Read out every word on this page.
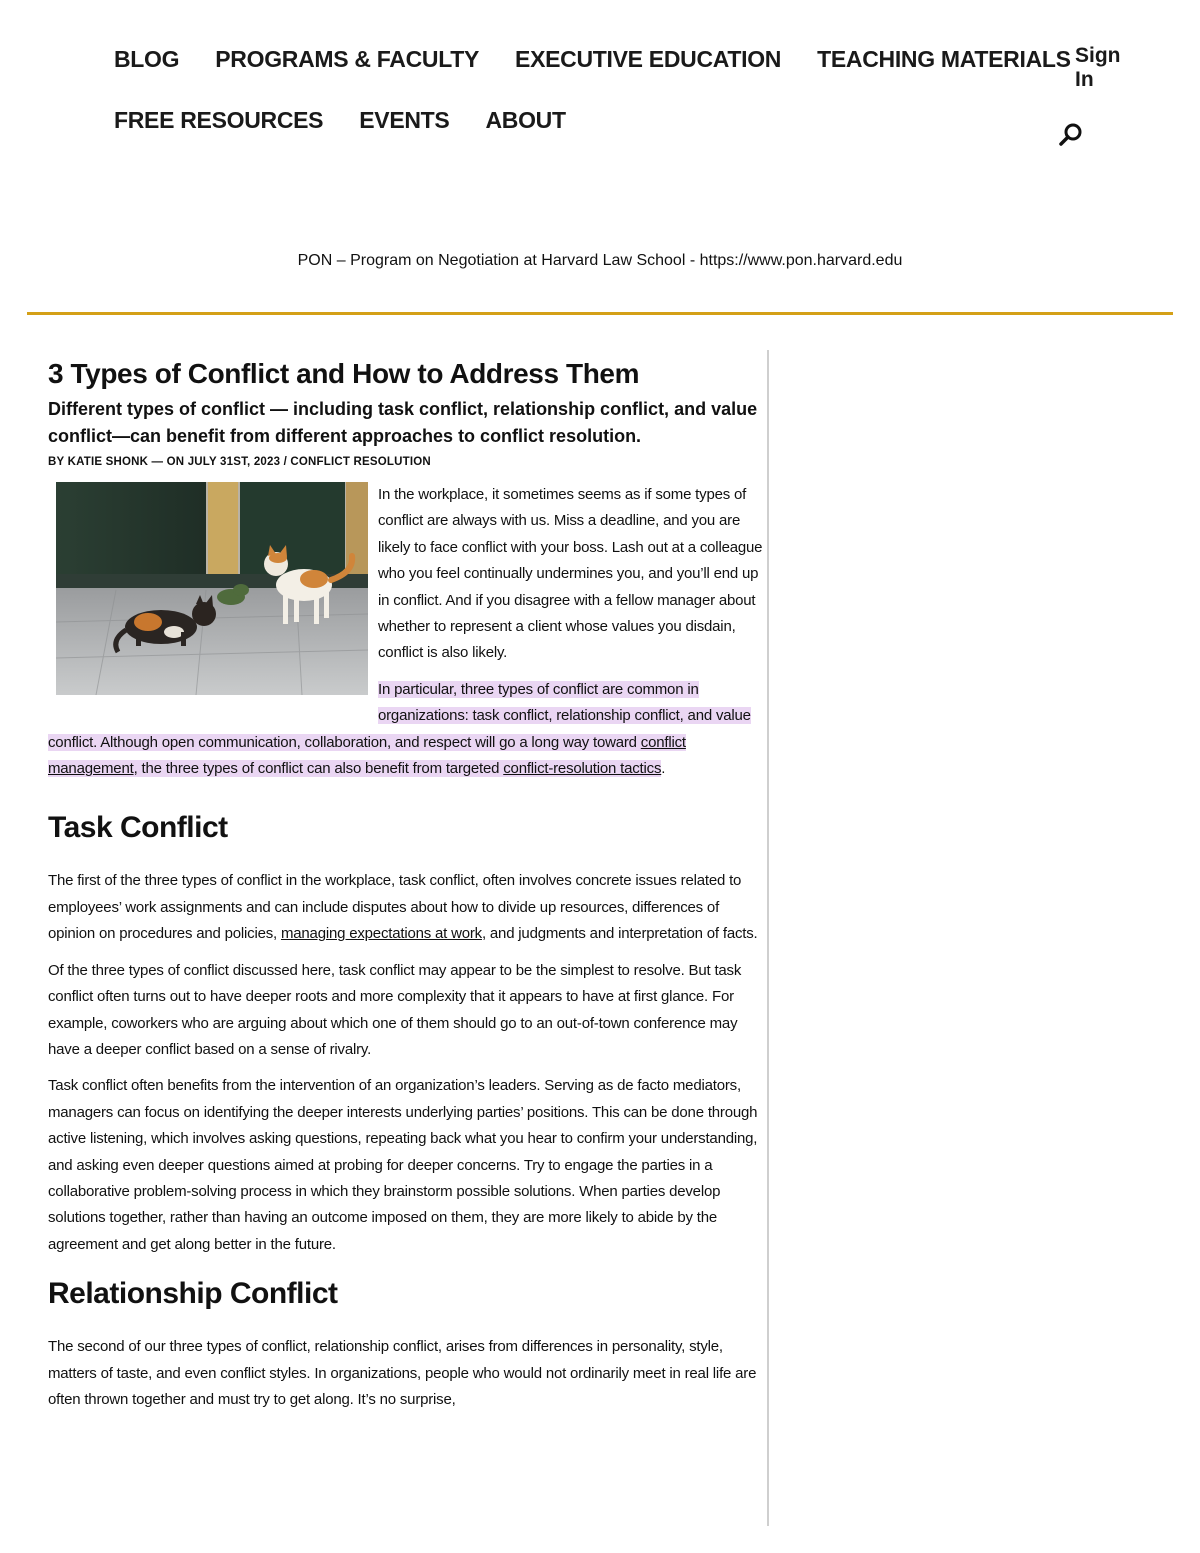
BLOG PROGRAMS & FACULTY EXECUTIVE EDUCATION TEACHING MATERIALS
FREE RESOURCES EVENTS ABOUT
Sign In
PON – Program on Negotiation at Harvard Law School - https://www.pon.harvard.edu
3 Types of Conflict and How to Address Them

Different types of conflict — including task conflict, relationship conflict, and value conflict—can benefit from different approaches to conflict resolution.

BY KATIE SHONK — ON JULY 31ST, 2023 / CONFLICT RESOLUTION

In the workplace, it sometimes seems as if some types of conflict are always with us. Miss a deadline, and you are likely to face conflict with your boss. Lash out at a colleague who you feel continually undermines you, and you’ll end up in conflict. And if you disagree with a fellow manager about whether to represent a client whose values you disdain, conflict is also likely.

In particular, three types of conflict are common in organizations: task conflict, relationship conflict, and value conflict. Although open communication, collaboration, and respect will go a long way toward conflict management, the three types of conflict can also benefit from targeted conflict-resolution tactics.

Task Conflict

The first of the three types of conflict in the workplace, task conflict, often involves concrete issues related to employees’ work assignments and can include disputes about how to divide up resources, differences of opinion on procedures and policies, managing expectations at work, and judgments and interpretation of facts.

Of the three types of conflict discussed here, task conflict may appear to be the simplest to resolve. But task conflict often turns out to have deeper roots and more complexity that it appears to have at first glance. For example, coworkers who are arguing about which one of them should go to an out-of-town conference may have a deeper conflict based on a sense of rivalry.

Task conflict often benefits from the intervention of an organization’s leaders. Serving as de facto mediators, managers can focus on identifying the deeper interests underlying parties’ positions. This can be done through active listening, which involves asking questions, repeating back what you hear to confirm your understanding, and asking even deeper questions aimed at probing for deeper concerns. Try to engage the parties in a collaborative problem-solving process in which they brainstorm possible solutions. When parties develop solutions together, rather than having an outcome imposed on them, they are more likely to abide by the agreement and get along better in the future.

Relationship Conflict

The second of our three types of conflict, relationship conflict, arises from differences in personality, style, matters of taste, and even conflict styles. In organizations, people who would not ordinarily meet in real life are often thrown together and must try to get along. It’s no surprise,
